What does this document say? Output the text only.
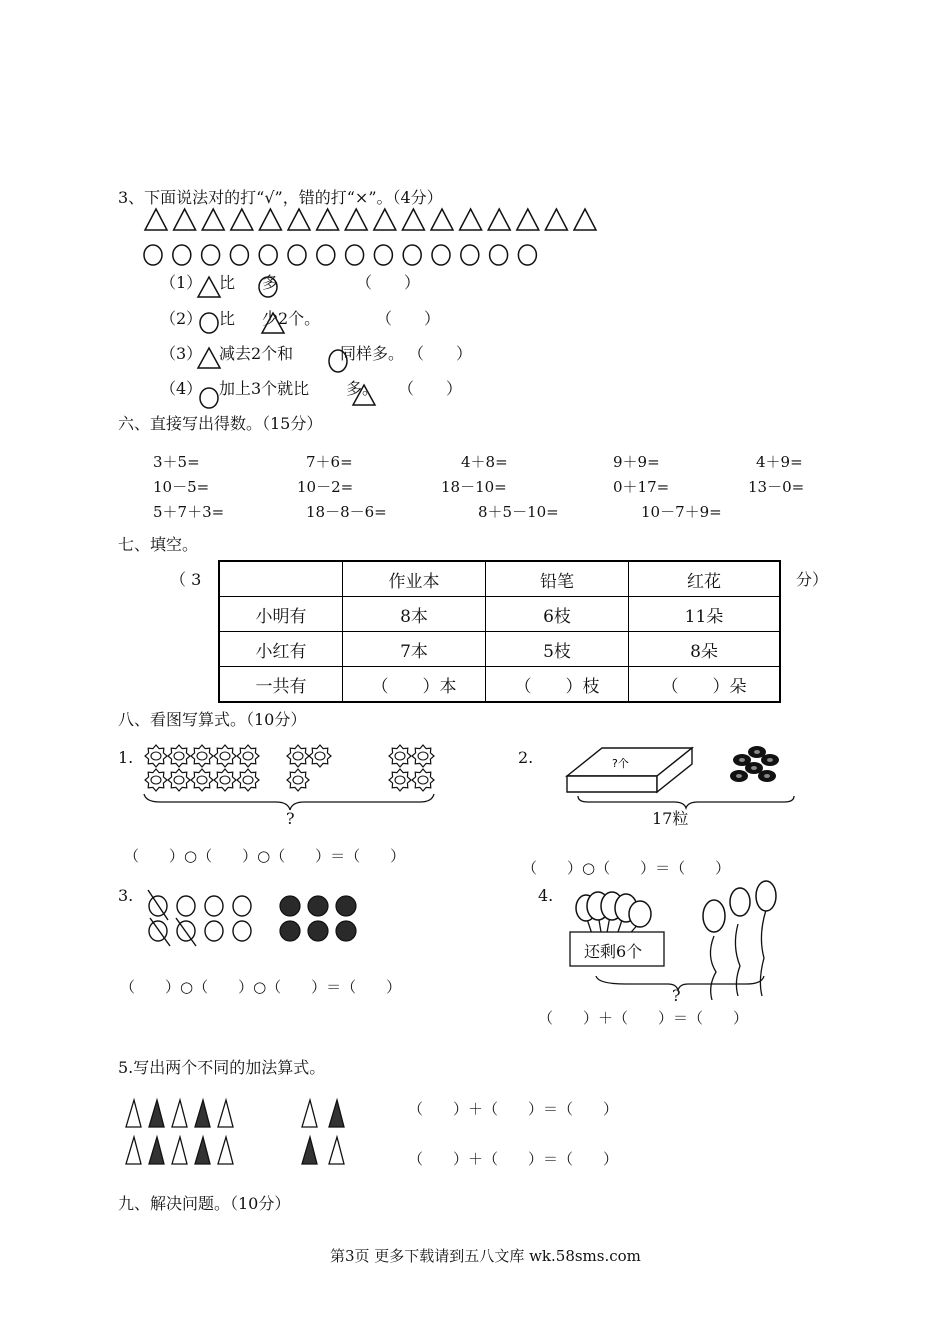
3、下面说法对的打“√”，错的打“×”。（4分）
（1） 比 多	（　　）
（2） 比 少2个。	（　　）
（3） 减去2个和	同样多。 （　　）
（4） 加上3个就比 多。 （　　）
六、直接写出得数。（15分）
3＋5=	7＋6=	4＋8=	9＋9=	4＋9=
10－5=	10－2=	18－10=	0＋17=	13－0=
5＋7＋3=	18－8－6=	8＋5－10=	10－7＋9=
七、填空。
（ 3	分）
	作业本	铅笔	红花
小明有	8本	6枝	11朵
小红有	7本	5枝	8朵
一共有	（　　）本	（　　）枝	（　　）朵
八、看图写算式。（10分）
1.
?
（　　）○（　　）○（　　）＝（　　）
2.	?个
17粒
（　　）○（　　）＝（　　）
3.
（　　）○（　　）○（　　）＝（　　）
4.
还剩6个
?
（　　）＋（　　）＝（　　）
5.写出两个不同的加法算式。
（　　）＋（　　）＝（　　）
（　　）＋（　　）＝（　　）
九、解决问题。（10分）
第3页 更多下载请到五八文库 wk.58sms.com
